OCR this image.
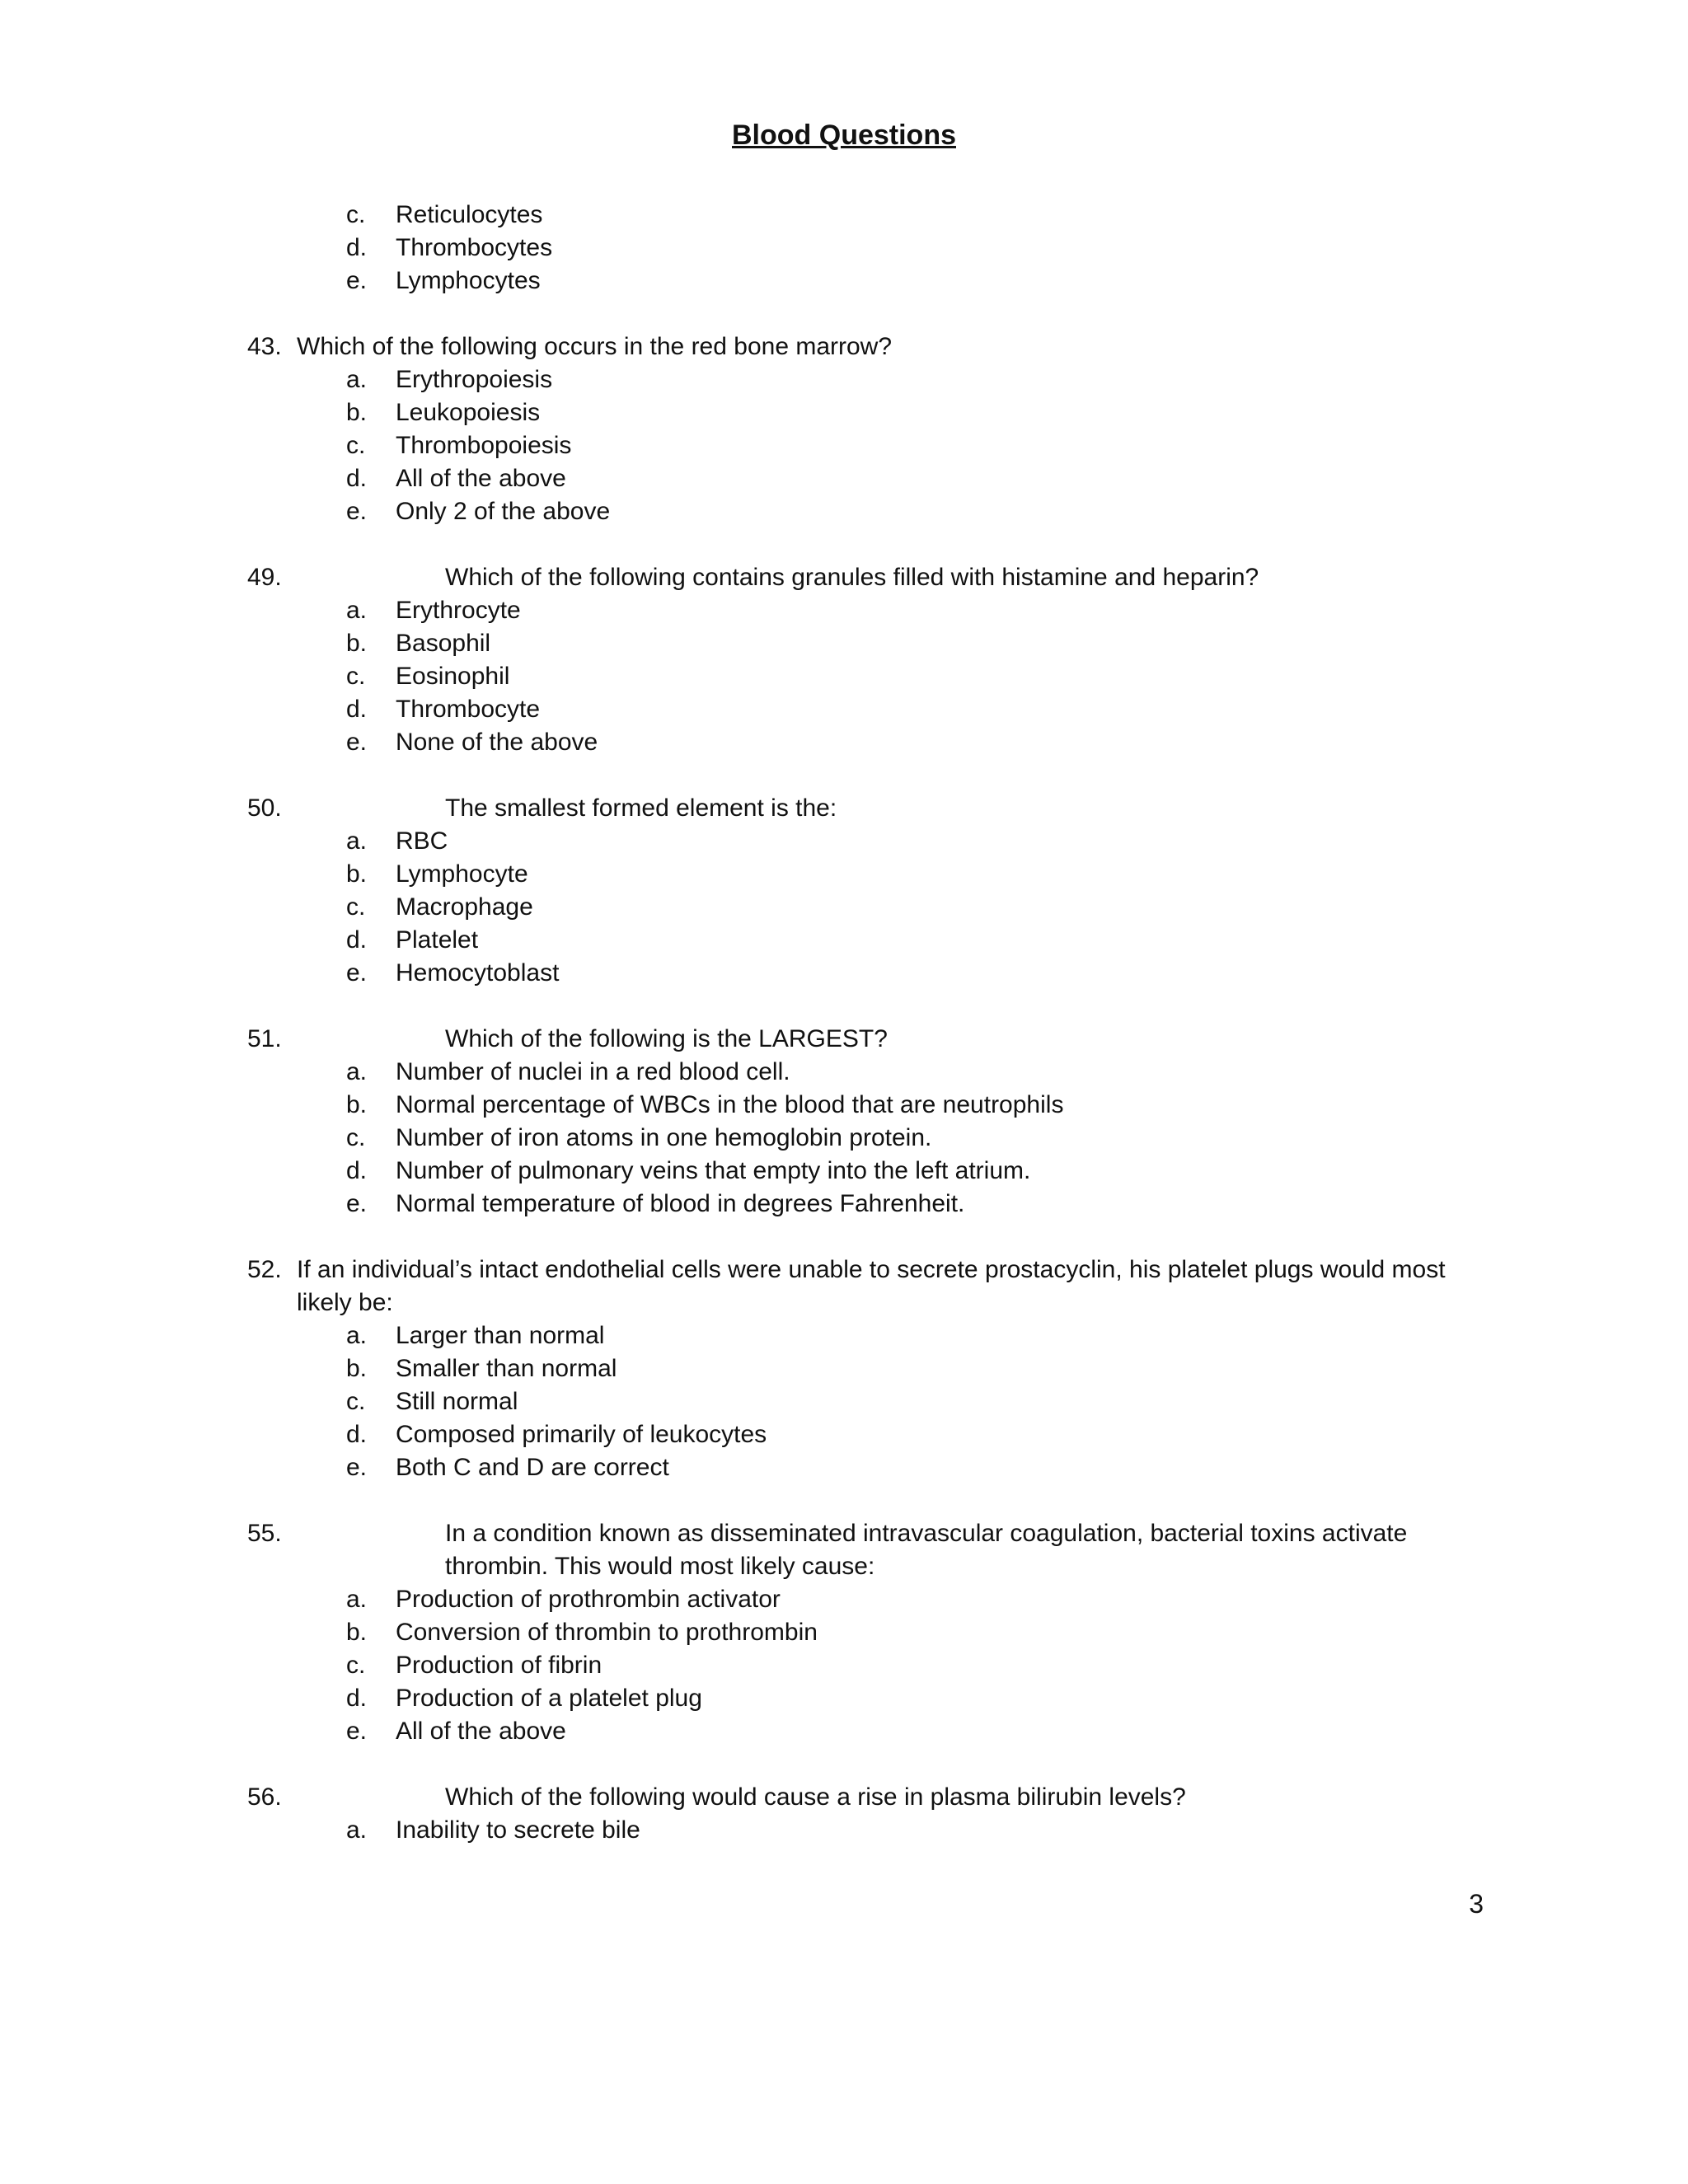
Blood Questions
c. Reticulocytes
d. Thrombocytes
e. Lymphocytes
43. Which of the following occurs in the red bone marrow?
a. Erythropoiesis
b. Leukopoiesis
c. Thrombopoiesis
d. All of the above
e. Only 2 of the above
49.	Which of the following contains granules filled with histamine and heparin?
a. Erythrocyte
b. Basophil
c. Eosinophil
d. Thrombocyte
e. None of the above
50.	The smallest formed element is the:
a. RBC
b. Lymphocyte
c. Macrophage
d. Platelet
e. Hemocytoblast
51.	Which of the following is the LARGEST?
a. Number of nuclei in a red blood cell.
b. Normal percentage of WBCs in the blood that are neutrophils
c. Number of iron atoms in one hemoglobin protein.
d. Number of pulmonary veins that empty into the left atrium.
e. Normal temperature of blood in degrees Fahrenheit.
52. If an individual’s intact endothelial cells were unable to secrete prostacyclin, his platelet plugs would most likely be:
a. Larger than normal
b. Smaller than normal
c. Still normal
d. Composed primarily of leukocytes
e. Both C and D are correct
55.	In a condition known as disseminated intravascular coagulation, bacterial toxins activate thrombin. This would most likely cause:
a. Production of prothrombin activator
b. Conversion of thrombin to prothrombin
c. Production of fibrin
d. Production of a platelet plug
e. All of the above
56.	Which of the following would cause a rise in plasma bilirubin levels?
a. Inability to secrete bile
3
